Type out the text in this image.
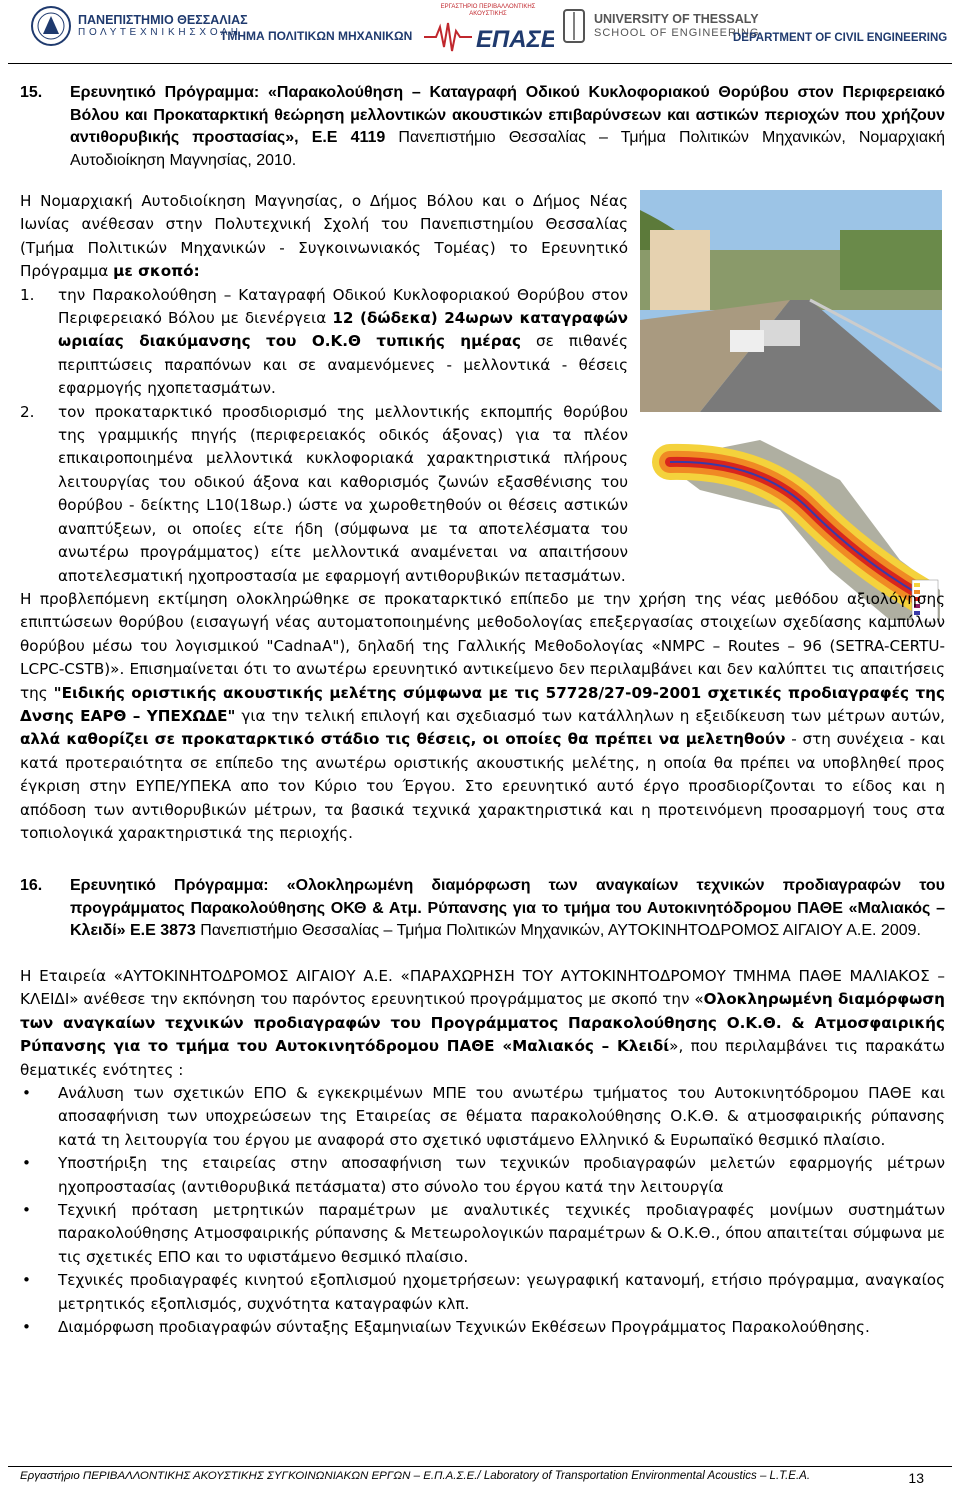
ΠΑΝΕΠΙΣΤΗΜΙΟ ΘΕΣΣΑΛΙΑΣ
Π Ο Λ Υ Τ Ε Χ Ν Ι Κ Η Σ Χ Ο Λ Η
ΤΜΗΜΑ ΠΟΛΙΤΙΚΩΝ ΜΗΧΑΝΙΚΩΝ
ΕΡΓΑΣΤΗΡΙΟ ΠΕΡΙΒΑΛΛΟΝΤΙΚΗΣ ΑΚΟΥΣΤΙΚΗΣ
ΕΠΑΣΕ
UNIVERSITY OF THESSALY
SCHOOL OF ENGINEERING
DEPARTMENT OF CIVIL ENGINEERING
15.	Ερευνητικό Πρόγραμμα: «Παρακολούθηση – Καταγραφή Οδικού Κυκλοφοριακού Θορύβου στον Περιφερειακό Βόλου και Προκαταρκτική θεώρηση μελλοντικών ακουστικών επιβαρύνσεων και αστικών περιοχών που χρήζουν αντιθορυβικής προστασίας», Ε.Ε 4119 Πανεπιστήμιο Θεσσαλίας – Τμήμα Πολιτικών Μηχανικών, Νομαρχιακή Αυτοδιοίκηση Μαγνησίας, 2010.

Η Νομαρχιακή Αυτοδιοίκηση Μαγνησίας, ο Δήμος Βόλου και ο Δήμος Νέας Ιωνίας ανέθεσαν στην Πολυτεχνική Σχολή του Πανεπιστημίου Θεσσαλίας (Τμήμα Πολιτικών Μηχανικών - Συγκοινωνιακός Τομέας) το Ερευνητικό Πρόγραμμα με σκοπό:

1.	την Παρακολούθηση – Καταγραφή Οδικού Κυκλοφοριακού Θορύβου στον Περιφερειακό Βόλου με διενέργεια 12 (δώδεκα) 24ωρων καταγραφών ωριαίας διακύμανσης του Ο.Κ.Θ τυπικής ημέρας σε πιθανές περιπτώσεις παραπόνων και σε αναμενόμενες - μελλοντικά - θέσεις εφαρμογής ηχοπετασμάτων.
2.	τον προκαταρκτικό προσδιορισμό της μελλοντικής εκπομπής θορύβου της γραμμικής πηγής (περιφερειακός οδικός άξονας) για τα πλέον επικαιροποιημένα μελλοντικά κυκλοφοριακά χαρακτηριστικά πλήρους λειτουργίας του οδικού άξονα και καθορισμός ζωνών εξασθένισης του θορύβου - δείκτης L10(18ωρ.) ώστε να χωροθετηθούν οι θέσεις αστικών αναπτύξεων, οι οποίες είτε ήδη (σύμφωνα με τα αποτελέσματα του ανωτέρω προγράμματος) είτε μελλοντικά αναμένεται να απαιτήσουν αποτελεσματική ηχοπροστασία με εφαρμογή αντιθορυβικών πετασμάτων.

Η προβλεπόμενη εκτίμηση ολοκληρώθηκε σε προκαταρκτικό επίπεδο με την χρήση της νέας μεθόδου αξιολόγησης επιπτώσεων θορύβου (εισαγωγή νέας αυτοματοποιημένης μεθοδολογίας επεξεργασίας στοιχείων σχεδίασης καμπύλων θορύβου μέσω του λογισμικού "CadnaA"), δηλαδή της Γαλλικής Μεθοδολογίας «NMPC – Routes – 96 (SETRA-CERTU-LCPC-CSTB)». Επισημαίνεται ότι το ανωτέρω ερευνητικό αντικείμενο δεν περιλαμβάνει και δεν καλύπτει τις απαιτήσεις της "Ειδικής οριστικής ακουστικής μελέτης σύμφωνα με τις 57728/27-09-2001 σχετικές προδιαγραφές της Δνσης ΕΑΡΘ – ΥΠΕΧΩΔΕ" για την τελική επιλογή και σχεδιασμό των κατάλληλων η εξειδίκευση των μέτρων αυτών, αλλά καθορίζει σε προκαταρκτικό στάδιο τις θέσεις, οι οποίες θα πρέπει να μελετηθούν - στη συνέχεια - και κατά προτεραιότητα σε επίπεδο της ανωτέρω οριστικής ακουστικής μελέτης, η οποία θα πρέπει να υποβληθεί προς έγκριση στην ΕΥΠΕ/ΥΠΕΚΑ απο τον Κύριο του Έργου. Στο ερευνητικό αυτό έργο προσδιορίζονται το είδος και η απόδοση των αντιθορυβικών μέτρων, τα βασικά τεχνικά χαρακτηριστικά και η προτεινόμενη προσαρμογή τους στα τοπιολογικά χαρακτηριστικά της περιοχής.

16.	Ερευνητικό Πρόγραμμα: «Ολοκληρωμένη διαμόρφωση των αναγκαίων τεχνικών προδιαγραφών του προγράμματος Παρακολούθησης ΟΚΘ & Ατμ. Ρύπανσης για το τμήμα του Αυτοκινητόδρομου ΠΑΘΕ «Μαλιακός – Κλειδί» Ε.Ε 3873 Πανεπιστήμιο Θεσσαλίας – Τμήμα Πολιτικών Μηχανικών, ΑΥΤΟΚΙΝΗΤΟΔΡΟΜΟΣ ΑΙΓΑΙΟΥ Α.Ε. 2009.

Η Εταιρεία «ΑΥΤΟΚΙΝΗΤΟΔΡΟΜΟΣ ΑΙΓΑΙΟΥ Α.Ε. «ΠΑΡΑΧΩΡΗΣΗ ΤΟΥ ΑΥΤΟΚΙΝΗΤΟΔΡΟΜΟΥ ΤΜΗΜΑ ΠΑΘΕ ΜΑΛΙΑΚΟΣ – ΚΛΕΙΔΙ» ανέθεσε την εκπόνηση του παρόντος ερευνητικού προγράμματος με σκοπό την «Ολοκληρωμένη διαμόρφωση των αναγκαίων τεχνικών προδιαγραφών του Προγράμματος Παρακολούθησης Ο.Κ.Θ. & Ατμοσφαιρικής Ρύπανσης για το τμήμα του Αυτοκινητόδρομου ΠΑΘΕ «Μαλιακός – Κλειδί», που περιλαμβάνει τις παρακάτω θεματικές ενότητες :

•	Ανάλυση των σχετικών ΕΠΟ & εγκεκριμένων ΜΠΕ του ανωτέρω τμήματος του Αυτοκινητόδρομου ΠΑΘΕ και αποσαφήνιση των υποχρεώσεων της Εταιρείας σε θέματα παρακολούθησης Ο.Κ.Θ. & ατμοσφαιρικής ρύπανσης κατά τη λειτουργία του έργου με αναφορά στο σχετικό υφιστάμενο Ελληνικό & Ευρωπαϊκό θεσμικό πλαίσιο.
•	Υποστήριξη της εταιρείας στην αποσαφήνιση των τεχνικών προδιαγραφών μελετών εφαρμογής μέτρων ηχοπροστασίας (αντιθορυβικά πετάσματα) στο σύνολο του έργου κατά την λειτουργία
•	Τεχνική πρόταση μετρητικών παραμέτρων με αναλυτικές τεχνικές προδιαγραφές μονίμων συστημάτων παρακολούθησης Ατμοσφαιρικής ρύπανσης & Μετεωρολογικών παραμέτρων & Ο.Κ.Θ., όπου απαιτείται σύμφωνα με τις σχετικές ΕΠΟ και το υφιστάμενο θεσμικό πλαίσιο.
•	Τεχνικές προδιαγραφές κινητού εξοπλισμού ηχομετρήσεων: γεωγραφική κατανομή, ετήσιο πρόγραμμα, αναγκαίος μετρητικός εξοπλισμός, συχνότητα καταγραφών κλπ.
•	Διαμόρφωση προδιαγραφών σύνταξης Εξαμηνιαίων Τεχνικών Εκθέσεων Προγράμματος Παρακολούθησης.
Εργαστήριο ΠΕΡΙΒΑΛΛΟΝΤΙΚΗΣ ΑΚΟΥΣΤΙΚΗΣ ΣΥΓΚΟΙΝΩΝΙΑΚΩΝ ΕΡΓΩΝ – Ε.Π.Α.Σ.Ε./ Laboratory of Transportation Environmental Acoustics – L.T.E.A.	13
